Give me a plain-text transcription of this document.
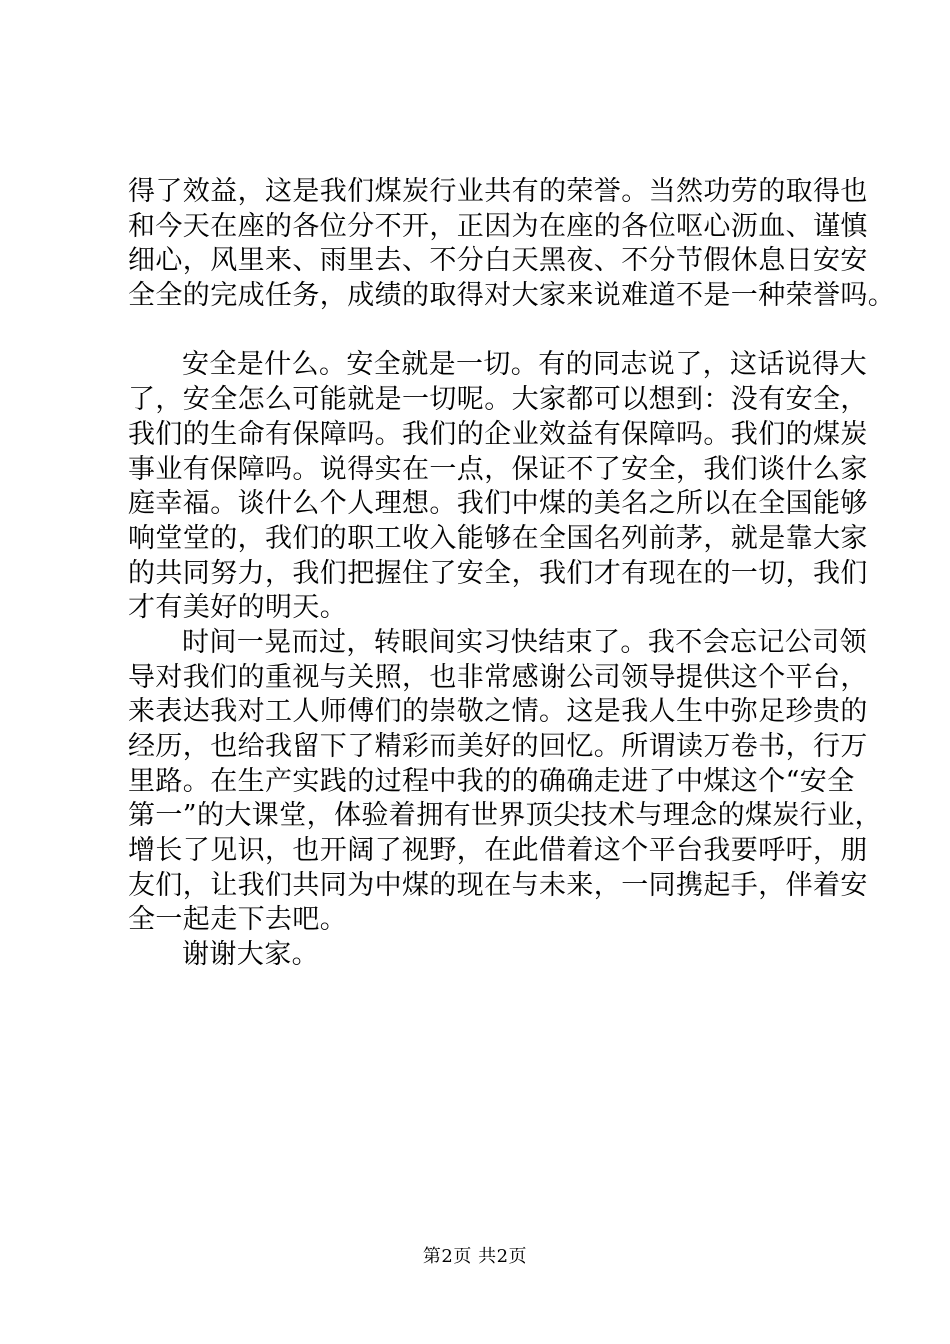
得了效益，这是我们煤炭行业共有的荣誉。当然功劳的取得也
和今天在座的各位分不开，正因为在座的各位呕心沥血、谨慎
细心，风里来、雨里去、不分白天黑夜、不分节假休息日安安
全全的完成任务，成绩的取得对大家来说难道不是一种荣誉吗。
安全是什么。安全就是一切。有的同志说了，这话说得大
了，安全怎么可能就是一切呢。大家都可以想到：没有安全，
我们的生命有保障吗。我们的企业效益有保障吗。我们的煤炭
事业有保障吗。说得实在一点，保证不了安全，我们谈什么家
庭幸福。谈什么个人理想。我们中煤的美名之所以在全国能够
响堂堂的，我们的职工收入能够在全国名列前茅，就是靠大家
的共同努力，我们把握住了安全，我们才有现在的一切，我们
才有美好的明天。
时间一晃而过，转眼间实习快结束了。我不会忘记公司领
导对我们的重视与关照，也非常感谢公司领导提供这个平台，
来表达我对工人师傅们的崇敬之情。这是我人生中弥足珍贵的
经历，也给我留下了精彩而美好的回忆。所谓读万卷书，行万
里路。在生产实践的过程中我的的确确走进了中煤这个“安全
第一”的大课堂，体验着拥有世界顶尖技术与理念的煤炭行业，
增长了见识，也开阔了视野，在此借着这个平台我要呼吁，朋
友们，让我们共同为中煤的现在与未来，一同携起手，伴着安
全一起走下去吧。
谢谢大家。
第2页 共2页
